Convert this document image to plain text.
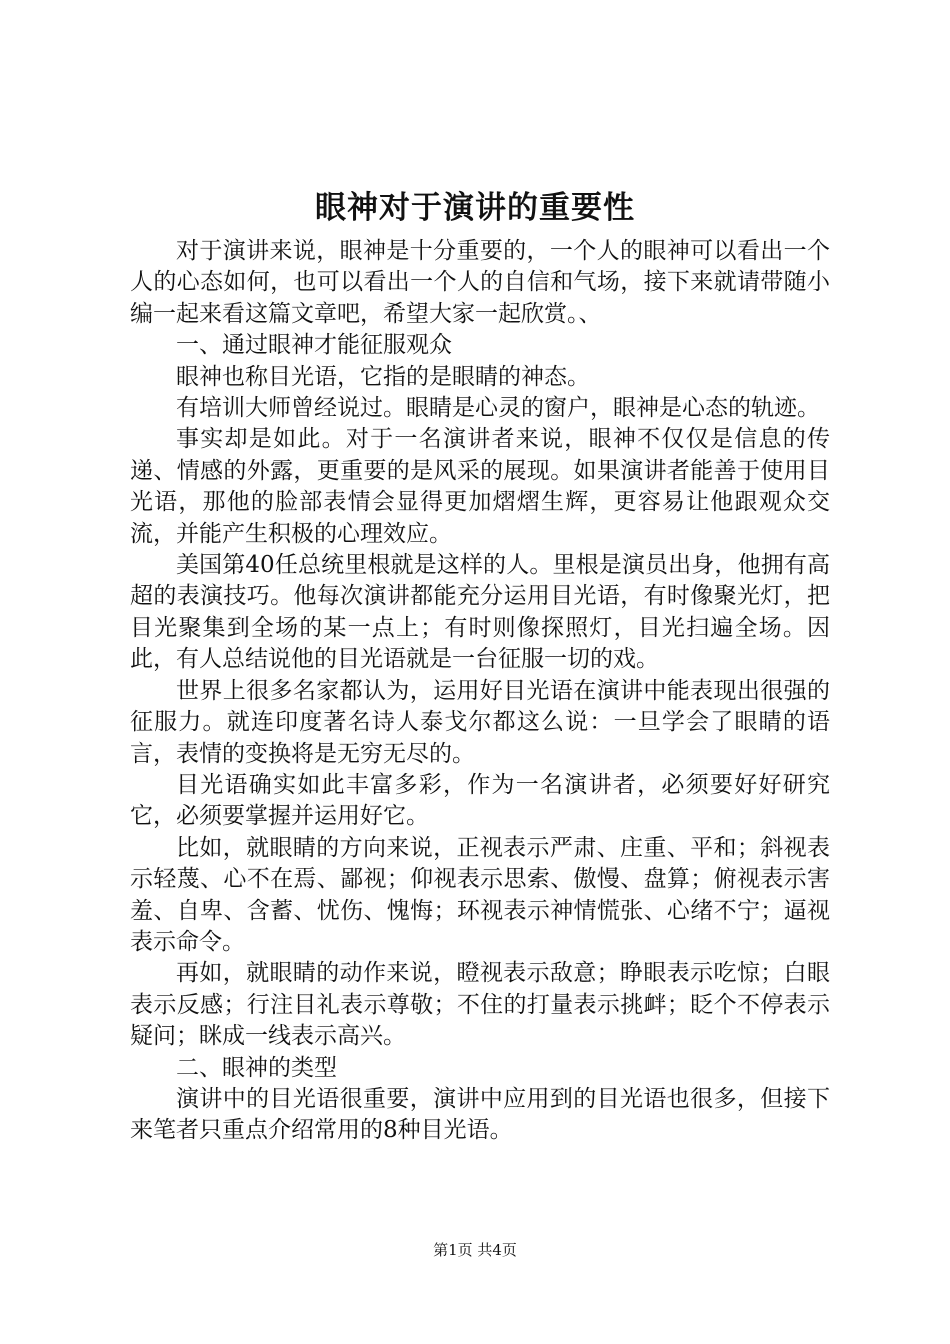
眼神对于演讲的重要性

对于演讲来说，眼神是十分重要的，一个人的眼神可以看出一个人的心态如何，也可以看出一个人的自信和气场，接下来就请带随小编一起来看这篇文章吧，希望大家一起欣赏。、

一、通过眼神才能征服观众

眼神也称目光语，它指的是眼睛的神态。

有培训大师曾经说过。眼睛是心灵的窗户，眼神是心态的轨迹。

事实却是如此。对于一名演讲者来说，眼神不仅仅是信息的传递、情感的外露，更重要的是风采的展现。如果演讲者能善于使用目光语，那他的脸部表情会显得更加熠熠生辉，更容易让他跟观众交流，并能产生积极的心理效应。

美国第40任总统里根就是这样的人。里根是演员出身，他拥有高超的表演技巧。他每次演讲都能充分运用目光语，有时像聚光灯，把目光聚集到全场的某一点上；有时则像探照灯，目光扫遍全场。因此，有人总结说他的目光语就是一台征服一切的戏。

世界上很多名家都认为，运用好目光语在演讲中能表现出很强的征服力。就连印度著名诗人泰戈尔都这么说：一旦学会了眼睛的语言，表情的变换将是无穷无尽的。

目光语确实如此丰富多彩，作为一名演讲者，必须要好好研究它，必须要掌握并运用好它。

比如，就眼睛的方向来说，正视表示严肃、庄重、平和；斜视表示轻蔑、心不在焉、鄙视；仰视表示思索、傲慢、盘算；俯视表示害羞、自卑、含蓄、忧伤、愧悔；环视表示神情慌张、心绪不宁；逼视表示命令。

再如，就眼睛的动作来说，瞪视表示敌意；睁眼表示吃惊；白眼表示反感；行注目礼表示尊敬；不住的打量表示挑衅；眨个不停表示疑问；眯成一线表示高兴。

二、眼神的类型

演讲中的目光语很重要，演讲中应用到的目光语也很多，但接下来笔者只重点介绍常用的8种目光语。

第1页 共4页
